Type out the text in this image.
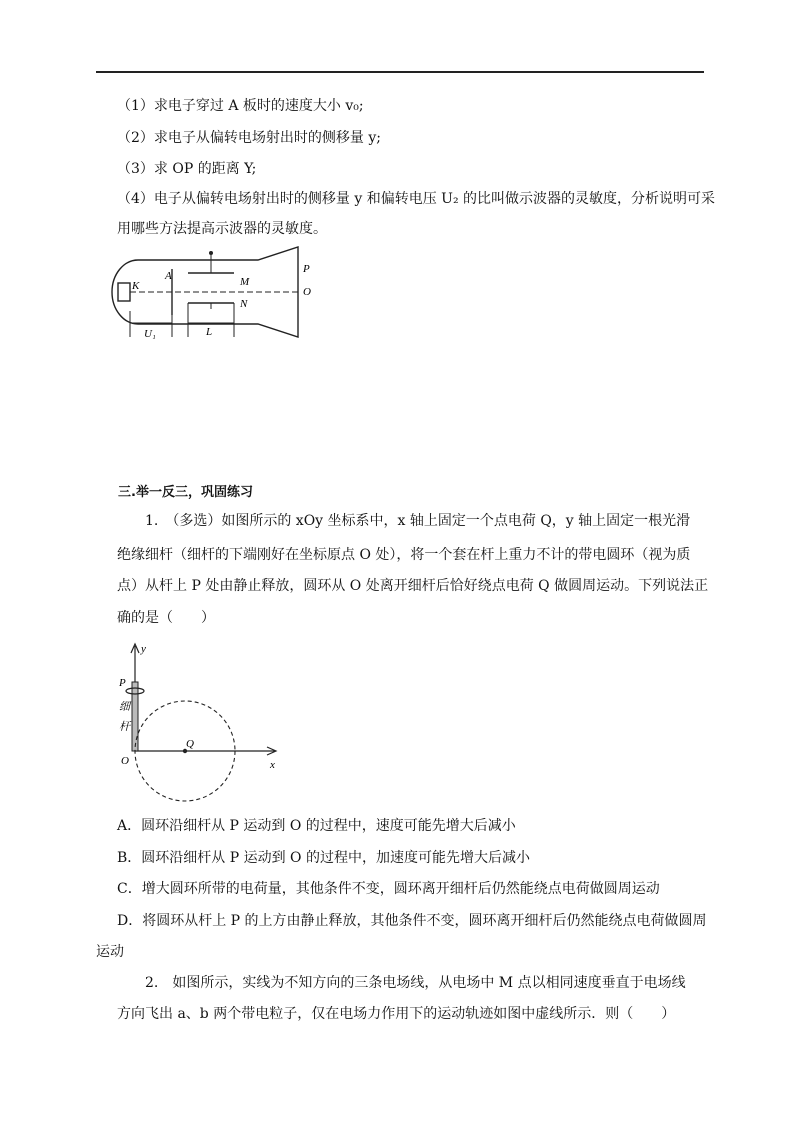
（1）求电子穿过 A 板时的速度大小 v₀;
（2）求电子从偏转电场射出时的侧移量 y;
（3）求 OP 的距离 Y;
（4）电子从偏转电场射出时的侧移量 y 和偏转电压 U₂ 的比叫做示波器的灵敏度，分析说明可采
用哪些方法提高示波器的灵敏度。
K
A	M
N
P
O
U₁	L
三.举一反三，巩固练习
1.　（多选）如图所示的 xOy 坐标系中，x 轴上固定一个点电荷 Q，y 轴上固定一根光滑
绝缘细杆（细杆的下端刚好在坐标原点 O 处），将一个套在杆上重力不计的带电圆环（视为质
点）从杆上 P 处由静止释放，圆环从 O 处离开细杆后恰好绕点电荷 Q 做圆周运动。下列说法正
确的是（　　）
y
P
细
杆
O
Q
x
A．圆环沿细杆从 P 运动到 O 的过程中，速度可能先增大后减小
B．圆环沿细杆从 P 运动到 O 的过程中，加速度可能先增大后减小
C．增大圆环所带的电荷量，其他条件不变，圆环离开细杆后仍然能绕点电荷做圆周运动
D．将圆环从杆上 P 的上方由静止释放，其他条件不变，圆环离开细杆后仍然能绕点电荷做圆周
运动
2.　如图所示，实线为不知方向的三条电场线，从电场中 M 点以相同速度垂直于电场线
方向飞出 a、b 两个带电粒子，仅在电场力作用下的运动轨迹如图中虚线所示．则（　　）
